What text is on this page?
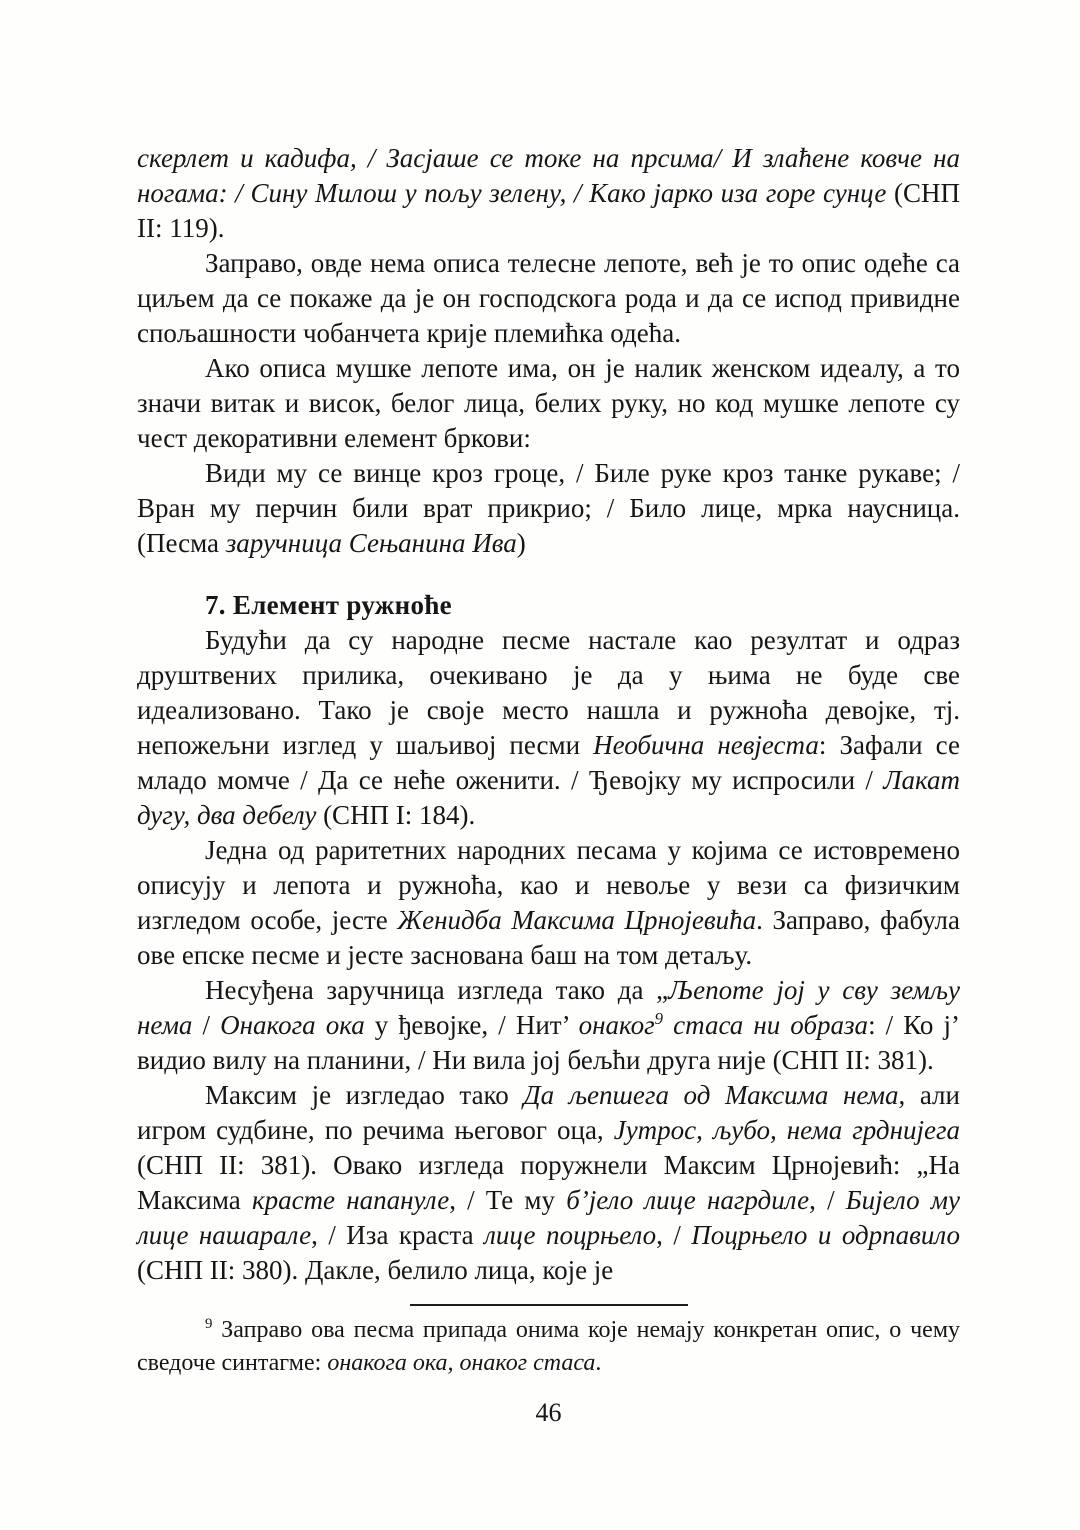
скерлет и кадифа, / Засјаше се токе на прсима/ И злаћене ковче на ногама: / Сину Милош у пољу зелену, / Како јарко иза горе сунце (СНП II: 119).

Заправо, овде нема описа телесне лепоте, већ је то опис одеће са циљем да се покаже да је он господскога рода и да се испод привидне спољашности чобанчета крије племићка одећа.

Ако описа мушке лепоте има, он је налик женском идеалу, а то значи витак и висок, белог лица, белих руку, но код мушке лепоте су чест декоративни елемент бркови:

Види му се винце кроз гроце, / Биле руке кроз танке рукаве; / Вран му перчин били врат прикрио; / Било лице, мрка наусница. (Песма заручница Сењанина Ива)

7. Елемент ружноће

Будући да су народне песме настале као резултат и одраз друштвених прилика, очекивано је да у њима не буде све идеализовано. Тако је своје место нашла и ружноћа девојке, тј. непожељни изглед у шаљивој песми Необична невјеста: Зафали се младо момче / Да се неће оженити. / Ђевојку му испросили / Лакат дугу, два дебелу (СНП I: 184).

Једна од раритетних народних песама у којима се истовремено описују и лепота и ружноћа, као и невоље у вези са физичким изгледом особе, јесте Женидба Максима Црнојевића. Заправо, фабула ове епске песме и јесте заснована баш на том детаљу.

Несуђена заручница изгледа тако да „Љепоте јој у сву земљу нема / Онакога ока у ђевојке, / Нит’ онаког$^9$ стаса ни образа: / Ко ј’ видио вилу на планини, / Ни вила јој бељћи друга није (СНП II: 381).

Максим је изгледао тако Да љепшега од Максима нема, али игром судбине, по речима његовог оца, Јутрос, љубо, нема грднијега (СНП II: 381). Овако изгледа поружнели Максим Црнојевић: „На Максима красте напануле, / Те му б’јело лице нагрдиле, / Бијело му лице нашарале, / Иза краста лице поцрњело, / Поцрњело и одрпавило (СНП II: 380). Дакле, белило лица, које је

$^9$ Заправо ова песма припада онима које немају конкретан опис, о чему сведоче синтагме: онакога ока, онаког стаса.

46
